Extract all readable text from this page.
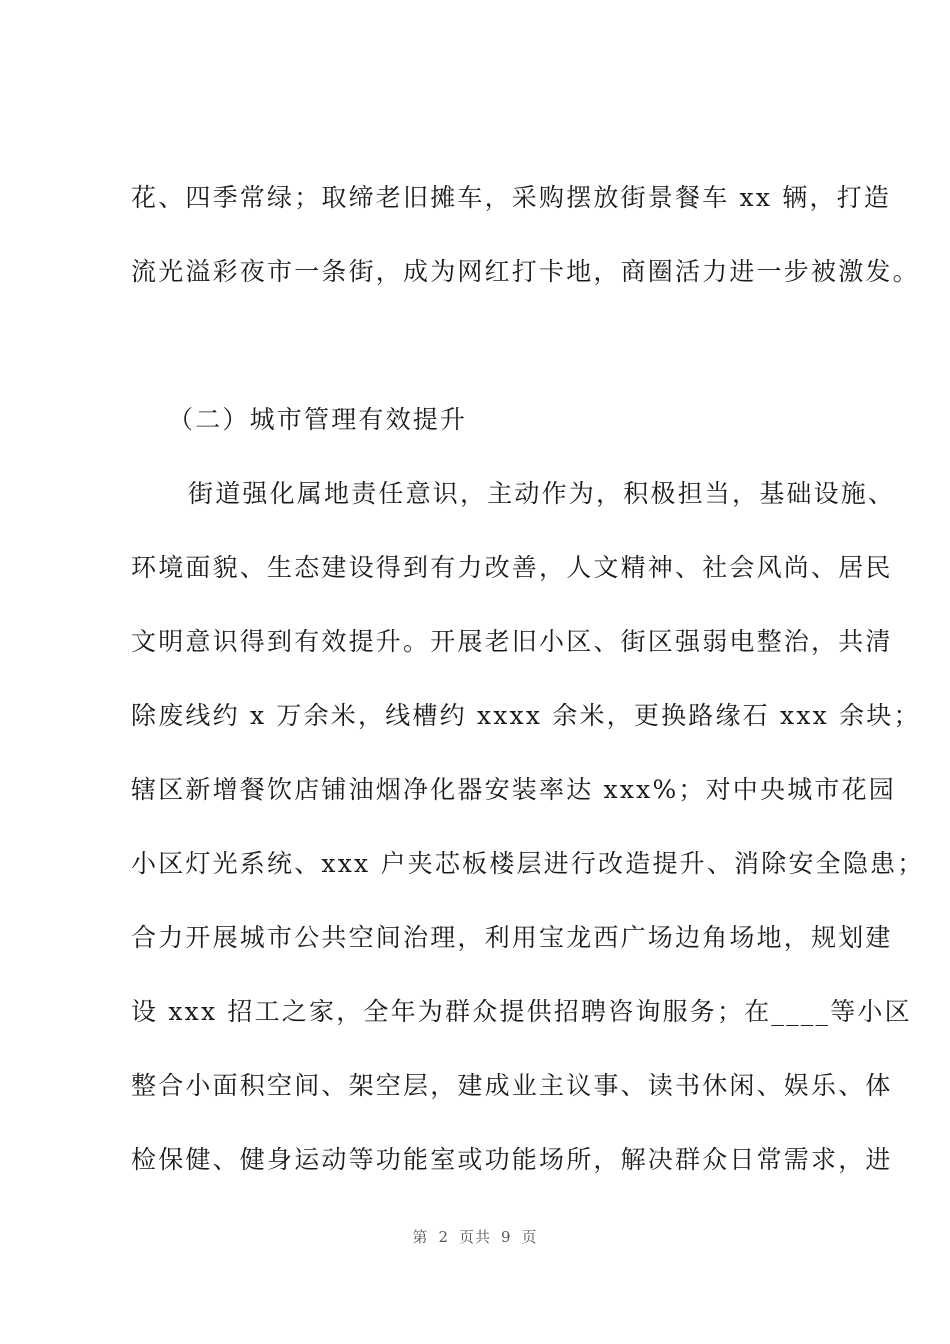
花、四季常绿；取缔老旧摊车，采购摆放街景餐车 xx 辆，打造
流光溢彩夜市一条街，成为网红打卡地，商圈活力进一步被激发。
（二）城市管理有效提升
街道强化属地责任意识，主动作为，积极担当，基础设施、
环境面貌、生态建设得到有力改善，人文精神、社会风尚、居民
文明意识得到有效提升。开展老旧小区、街区强弱电整治，共清
除废线约 x 万余米，线槽约 xxxx 余米，更换路缘石 xxx 余块；
辖区新增餐饮店铺油烟净化器安装率达 xxx%；对中央城市花园
小区灯光系统、xxx 户夹芯板楼层进行改造提升、消除安全隐患；
合力开展城市公共空间治理，利用宝龙西广场边角场地，规划建
设 xxx 招工之家，全年为群众提供招聘咨询服务；在____等小区
整合小面积空间、架空层，建成业主议事、读书休闲、娱乐、体
检保健、健身运动等功能室或功能场所，解决群众日常需求，进
第 2 页共 9 页
